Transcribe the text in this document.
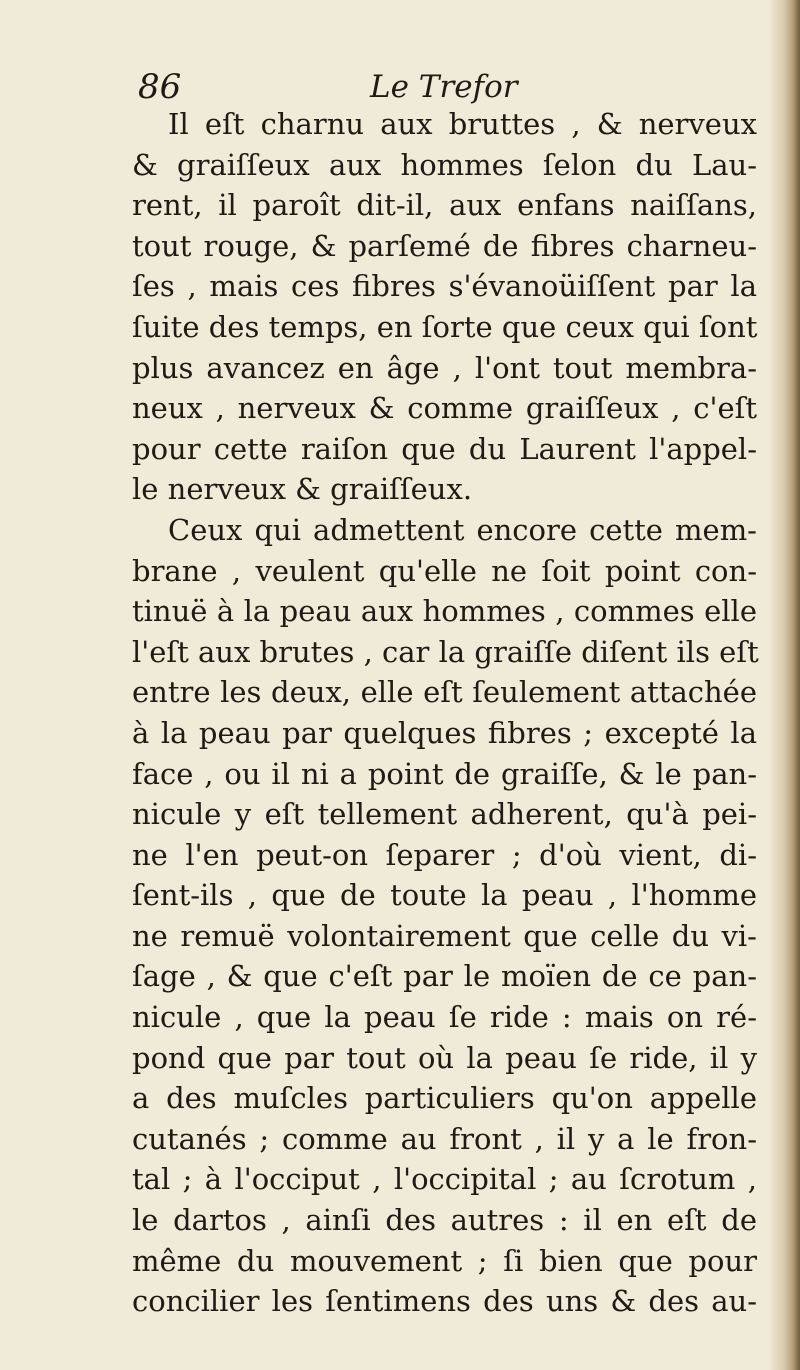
86	Le Trefor
Il eſt charnu aux bruttes , & nerveux
& graiſſeux aux hommes ſelon du Lau-
rent, il paroît dit-il, aux enfans naiſſans,
tout rouge, & parſemé de fibres charneu-
ſes , mais ces fibres s'évanoüiſſent par la
ſuite des temps, en ſorte que ceux qui ſont
plus avancez en âge , l'ont tout membra-
neux , nerveux & comme graiſſeux , c'eſt
pour cette raiſon que du Laurent l'appel-
le nerveux & graiſſeux.
Ceux qui admettent encore cette mem-
brane , veulent qu'elle ne ſoit point con-
tinuë à la peau aux hommes , commes elle
l'eſt aux brutes , car la graiſſe diſent ils eſt
entre les deux, elle eſt ſeulement attachée
à la peau par quelques fibres ; excepté la
face , ou il ni a point de graiſſe, & le pan-
nicule y eſt tellement adherent, qu'à pei-
ne l'en peut-on ſeparer ; d'où vient, di-
ſent-ils , que de toute la peau , l'homme
ne remuë volontairement que celle du vi-
ſage , & que c'eſt par le moïen de ce pan-
nicule , que la peau ſe ride : mais on ré-
pond que par tout où la peau ſe ride, il y
a des muſcles particuliers qu'on appelle
cutanés ; comme au front , il y a le fron-
tal ; à l'occiput , l'occipital ; au ſcrotum ,
le dartos , ainſi des autres : il en eſt de
même du mouvement ; ſi bien que pour
concilier les ſentimens des uns & des au-
